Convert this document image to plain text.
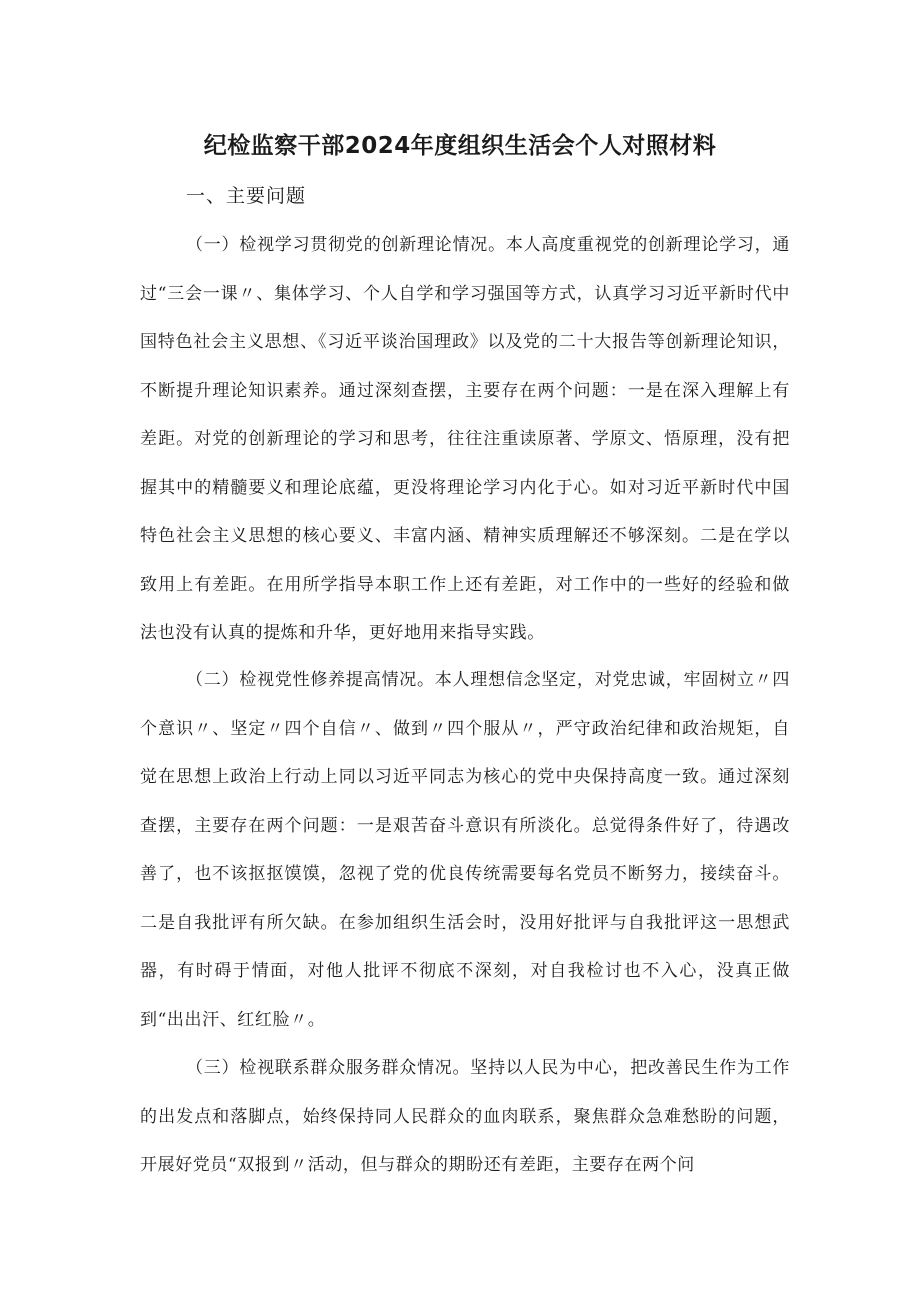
纪检监察干部2024年度组织生活会个人对照材料
一、主要问题

（一）检视学习贯彻党的创新理论情况。本人高度重视党的创新理论学习，通过“三会一课〃、集体学习、个人自学和学习强国等方式，认真学习习近平新时代中国特色社会主义思想、《习近平谈治国理政》以及党的二十大报告等创新理论知识，不断提升理论知识素养。通过深刻查摆，主要存在两个问题：一是在深入理解上有差距。对党的创新理论的学习和思考，往往注重读原著、学原文、悟原理，没有把握其中的精髓要义和理论底蕴，更没将理论学习内化于心。如对习近平新时代中国特色社会主义思想的核心要义、丰富内涵、精神实质理解还不够深刻。二是在学以致用上有差距。在用所学指导本职工作上还有差距，对工作中的一些好的经验和做法也没有认真的提炼和升华，更好地用来指导实践。

（二）检视党性修养提高情况。本人理想信念坚定，对党忠诚，牢固树立〃四个意识〃、坚定〃四个自信〃、做到〃四个服从〃，严守政治纪律和政治规矩，自觉在思想上政治上行动上同以习近平同志为核心的党中央保持高度一致。通过深刻查摆，主要存在两个问题：一是艰苦奋斗意识有所淡化。总觉得条件好了，待遇改善了，也不该抠抠馍馍，忽视了党的优良传统需要每名党员不断努力，接续奋斗。二是自我批评有所欠缺。在参加组织生活会时，没用好批评与自我批评这一思想武器，有时碍于情面，对他人批评不彻底不深刻，对自我检讨也不入心，没真正做到“出出汗、红红脸〃。

（三）检视联系群众服务群众情况。坚持以人民为中心，把改善民生作为工作的出发点和落脚点，始终保持同人民群众的血肉联系，聚焦群众急难愁盼的问题，开展好党员“双报到〃活动，但与群众的期盼还有差距，主要存在两个问
